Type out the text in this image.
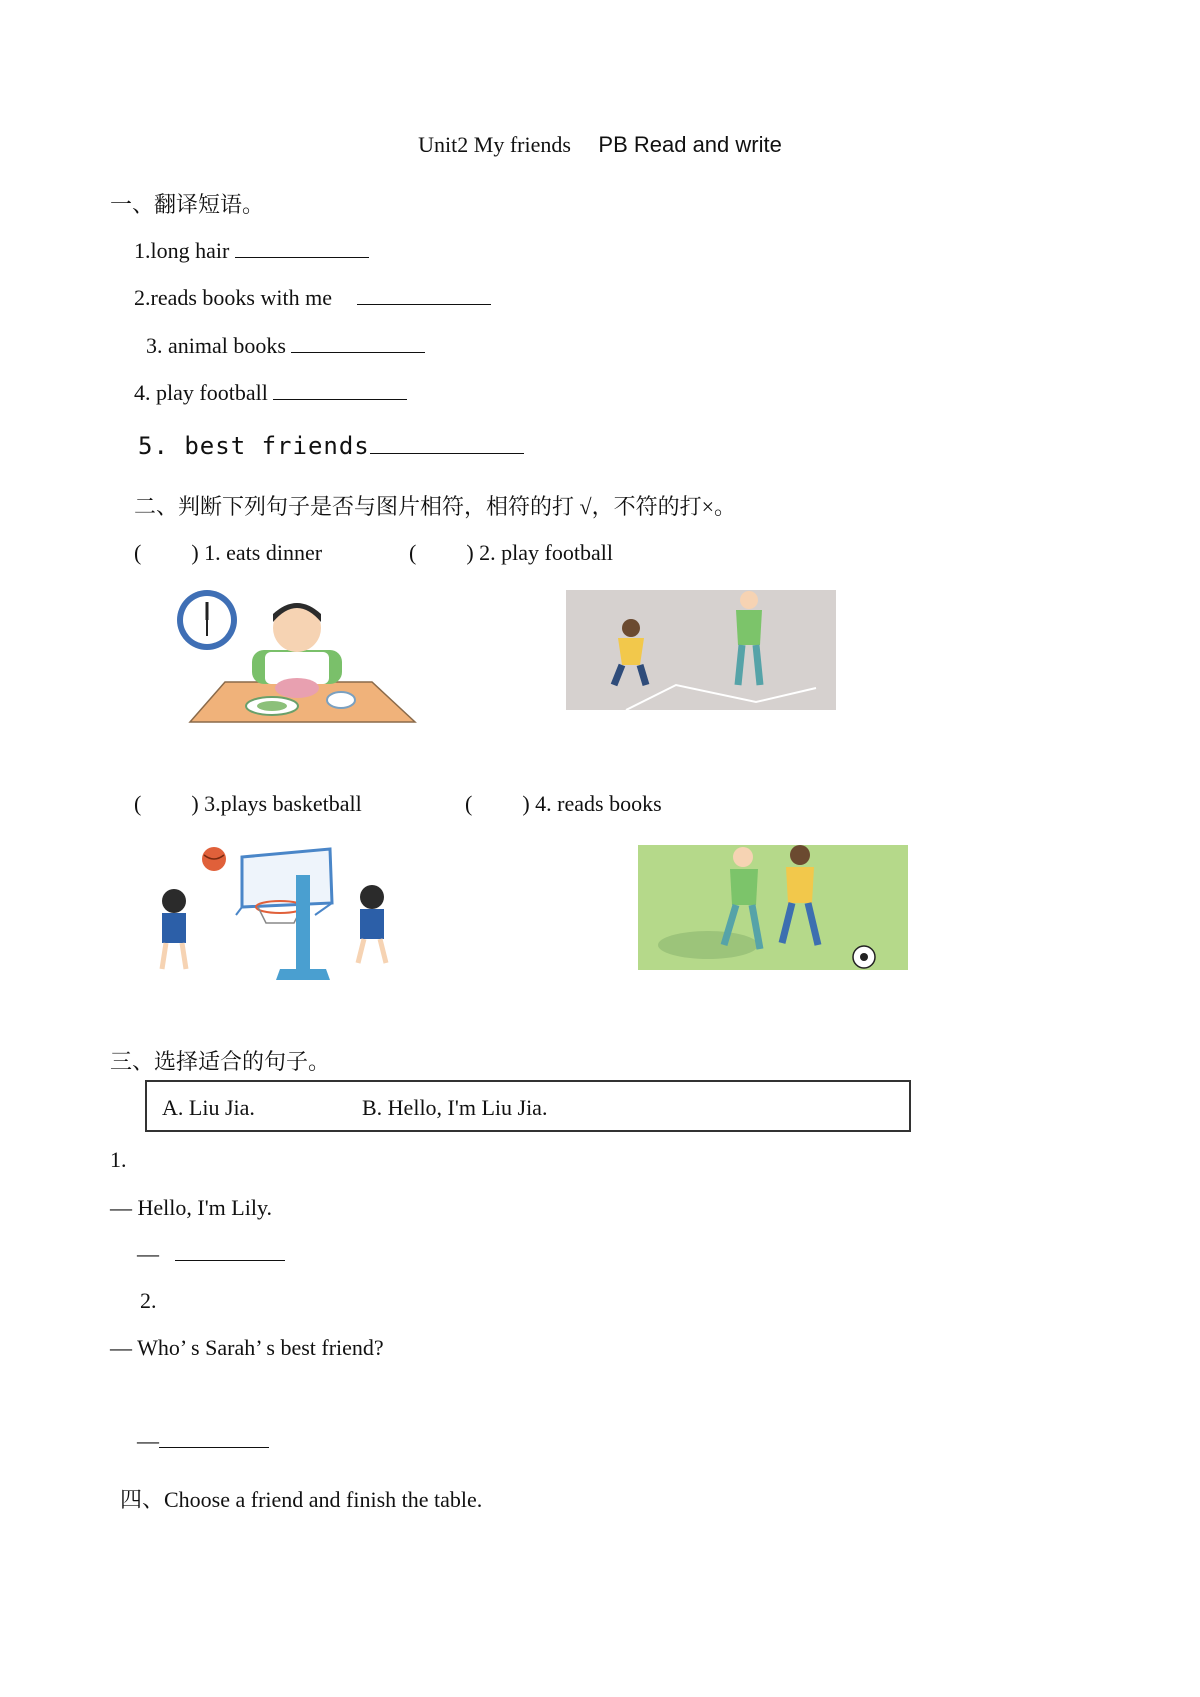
Unit2 My friends PB Read and write
一、翻译短语。
1.long hair
2.reads books with me
3. animal books
4. play football
5. best friends
二、判断下列句子是否与图片相符，相符的打 √，不符的打×。
( ) 1. eats dinner	( ) 2. play football
( ) 3.plays basketball	( ) 4. reads books
三、选择适合的句子。
A. Liu Jia.	B. Hello, I'm Liu Jia.
1.
— Hello, I'm Lily.
—
2.
— Who’ s Sarah’ s best friend?
—
四、Choose a friend and finish the table.
